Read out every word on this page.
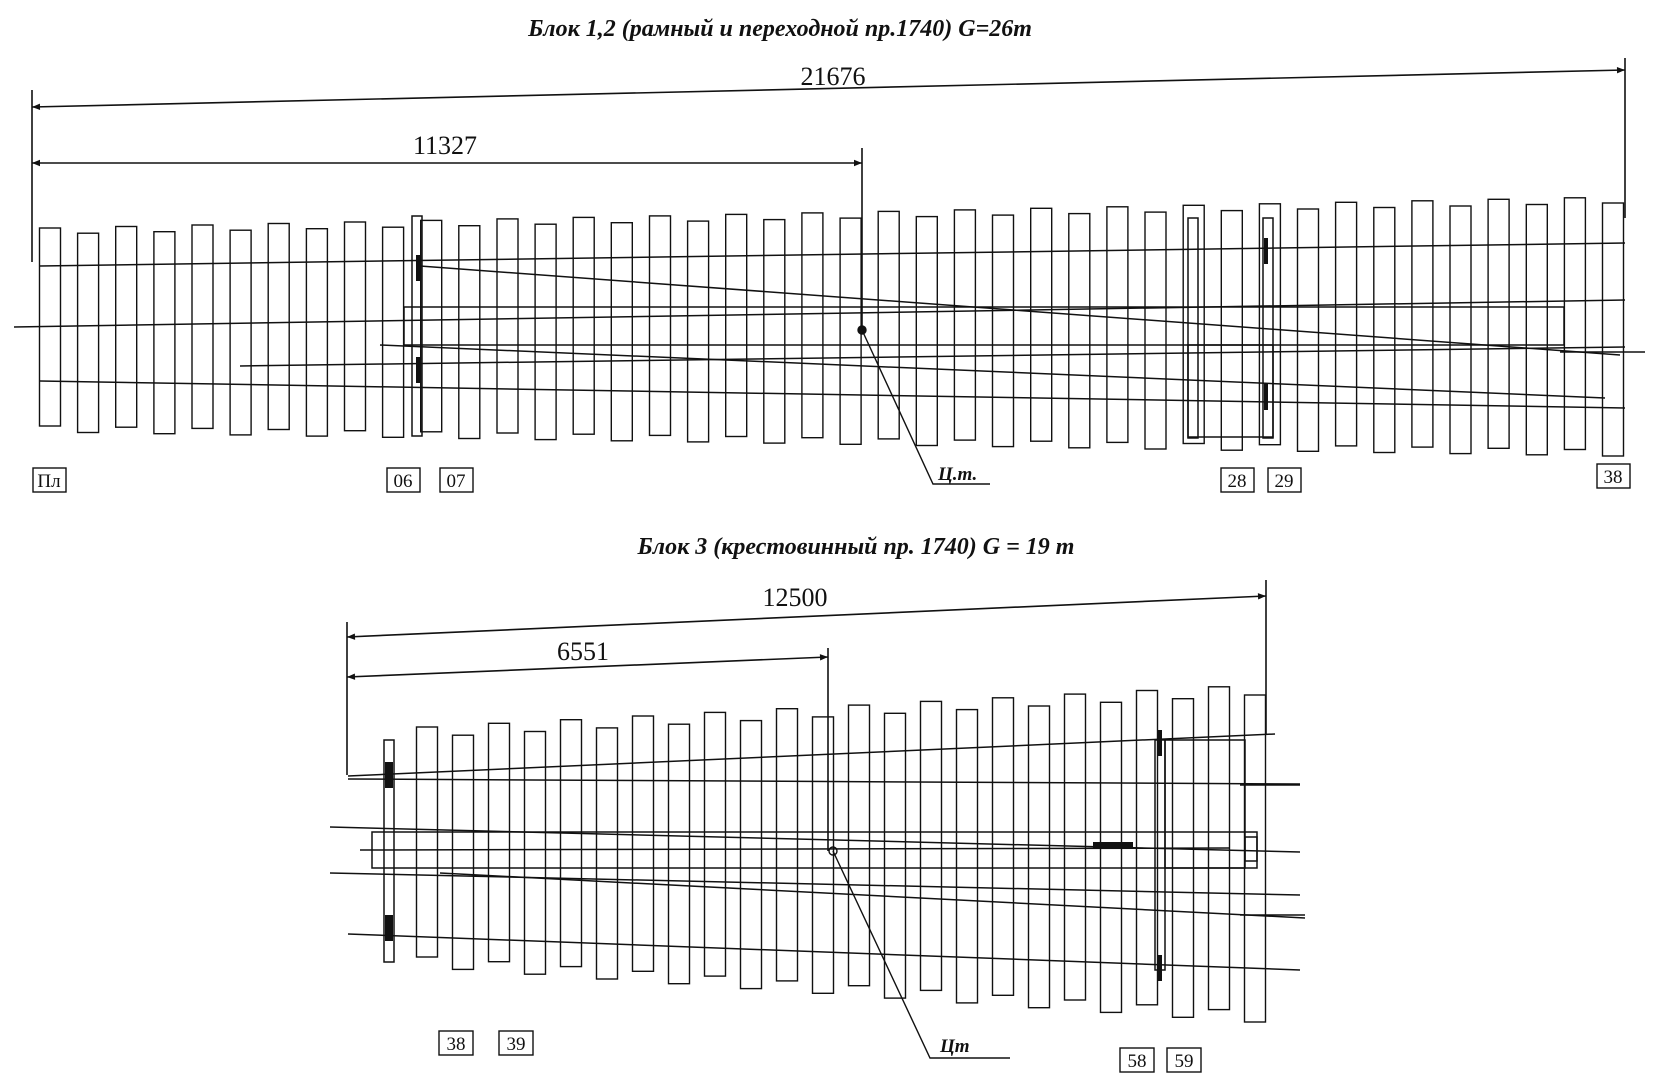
Блок 1,2 (рамный и переходной пр.1740) G=26т
21676
11327
Ц.т.
Пл	06 07	28 29	38
Блок 3 (крестовинный пр. 1740) G = 19 т
12500
6551
Цт
38 39
58 59
